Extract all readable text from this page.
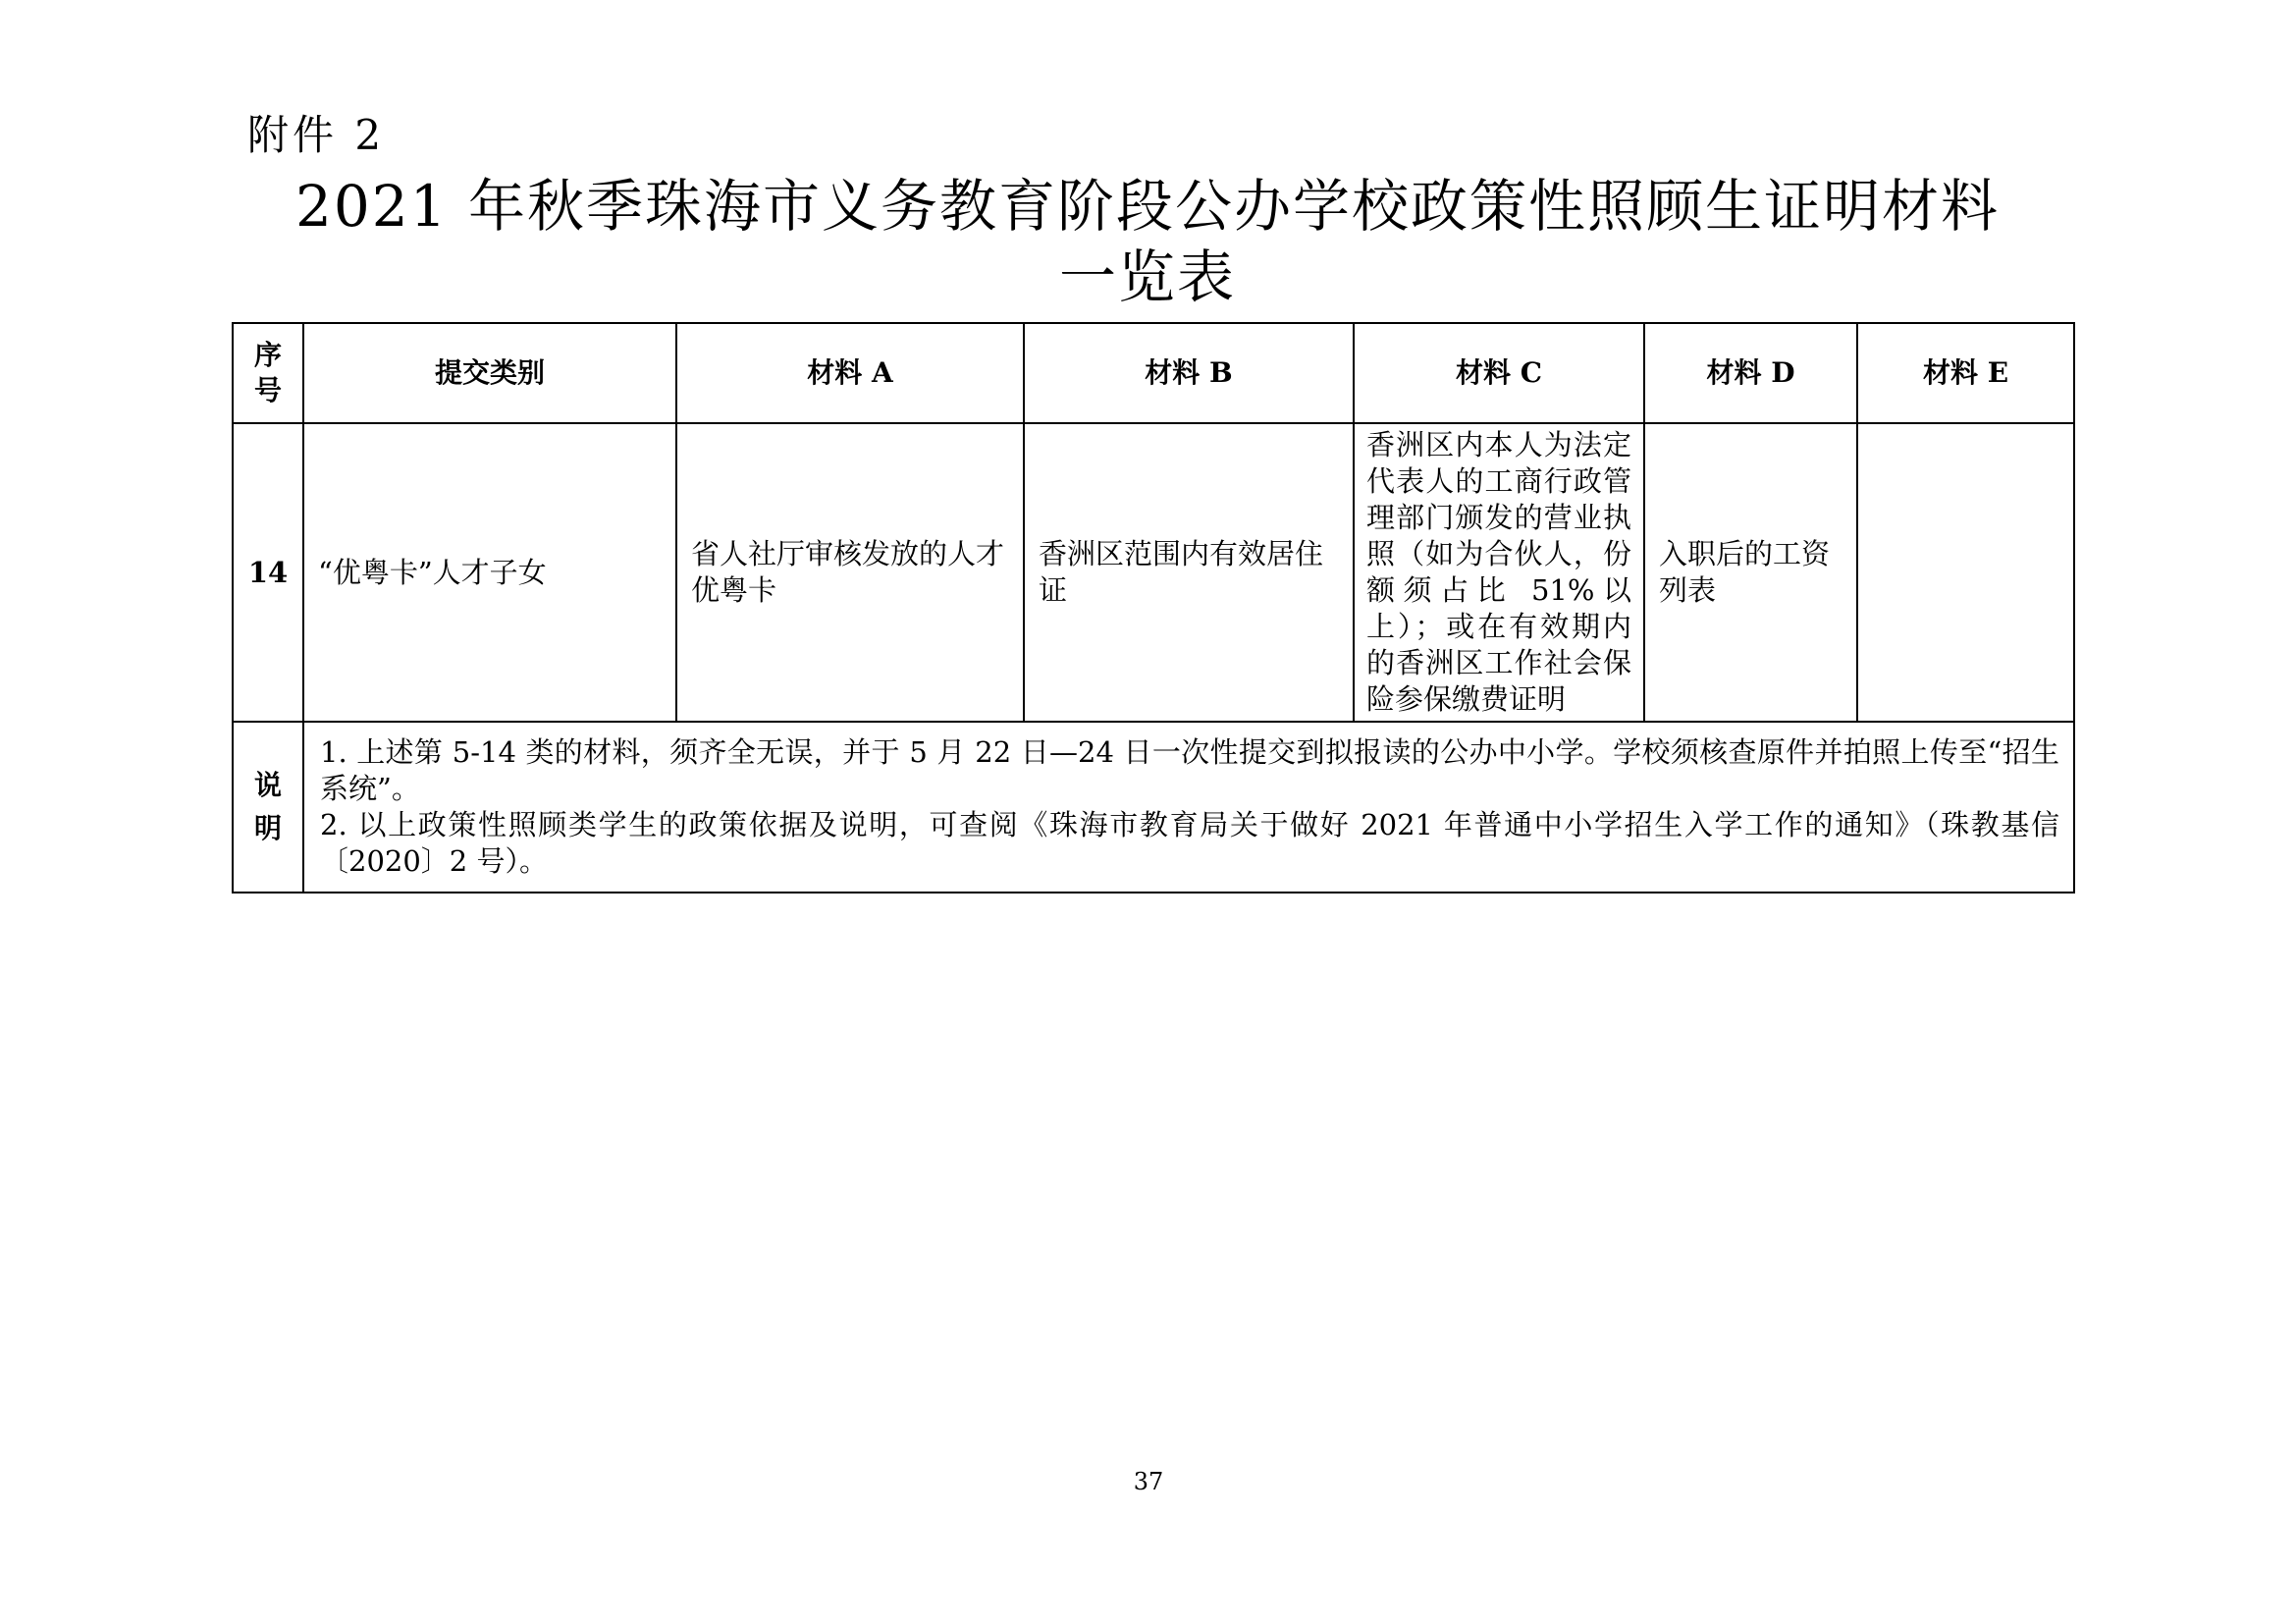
附件 2
2021 年秋季珠海市义务教育阶段公办学校政策性照顾生证明材料
一览表
序号	提交类别	材料 A	材料 B	材料 C	材料 D	材料 E
14	“优粤卡”人才子女	省人社厅审核发放的人才优粤卡	香洲区范围内有效居住证	香洲区内本人为法定代表人的工商行政管理部门颁发的营业执照（如为合伙人，份额须占比 51%以上）；或在有效期内的香洲区工作社会保险参保缴费证明	入职后的工资列表	

说明	1. 上述第 5-14 类的材料，须齐全无误，并于 5 月 22 日—24 日一次性提交到拟报读的公办中小学。学校须核查原件并拍照上传至“招生系统”。

2. 以上政策性照顾类学生的政策依据及说明，可查阅《珠海市教育局关于做好 2021 年普通中小学招生入学工作的通知》（珠教基信〔2020〕2 号）。					

37
